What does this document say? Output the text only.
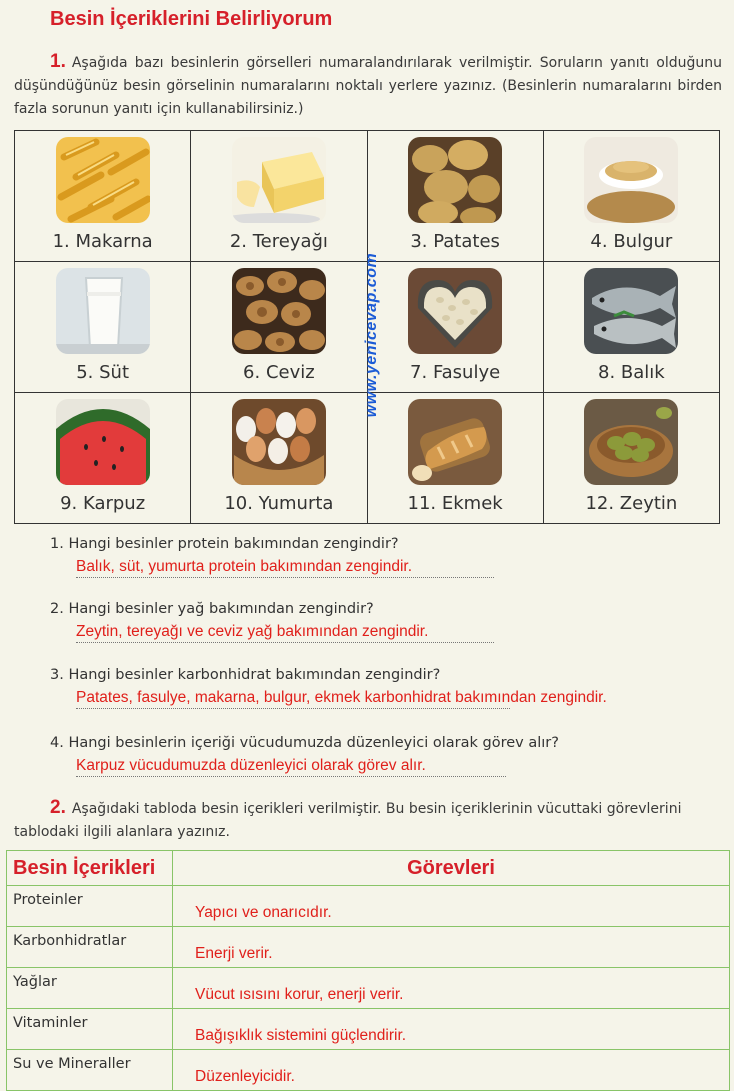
Besin İçeriklerini Belirliyorum
1. Aşağıda bazı besinlerin görselleri numaralandırılarak verilmiştir. Soruların yanıtı olduğunu düşündüğünüz besin görselinin numaralarını noktalı yerlere yazınız. (Besinlerin numaralarını birden fazla sorunun yanıtı için kullanabilirsiniz.)
1. Makarna	2. Tereyağı	3. Patates	4. Bulgur

5. Süt	6. Ceviz	7. Fasulye	8. Balık

9. Karpuz	10. Yumurta	11. Ekmek	12. Zeytin
www.yenicevap.com
1. Hangi besinler protein bakımından zengindir?
Balık, süt, yumurta protein bakımından zengindir.
2. Hangi besinler yağ bakımından zengindir?
Zeytin, tereyağı ve ceviz yağ bakımından zengindir.
3. Hangi besinler karbonhidrat bakımından zengindir?
Patates, fasulye, makarna, bulgur, ekmek karbonhidrat bakımından zengindir.
4. Hangi besinlerin içeriği vücudumuzda düzenleyici olarak görev alır?
Karpuz vücudumuzda düzenleyici olarak görev alır.
2. Aşağıdaki tabloda besin içerikleri verilmiştir. Bu besin içeriklerinin vücuttaki görevlerini tablodaki ilgili alanlara yazınız.
Besin İçerikleri	Görevleri
Proteinler	Yapıcı ve onarıcıdır.
Karbonhidratlar	Enerji verir.
Yağlar	Vücut ısısını korur, enerji verir.
Vitaminler	Bağışıklık sistemini güçlendirir.
Su ve Mineraller	Düzenleyicidir.
